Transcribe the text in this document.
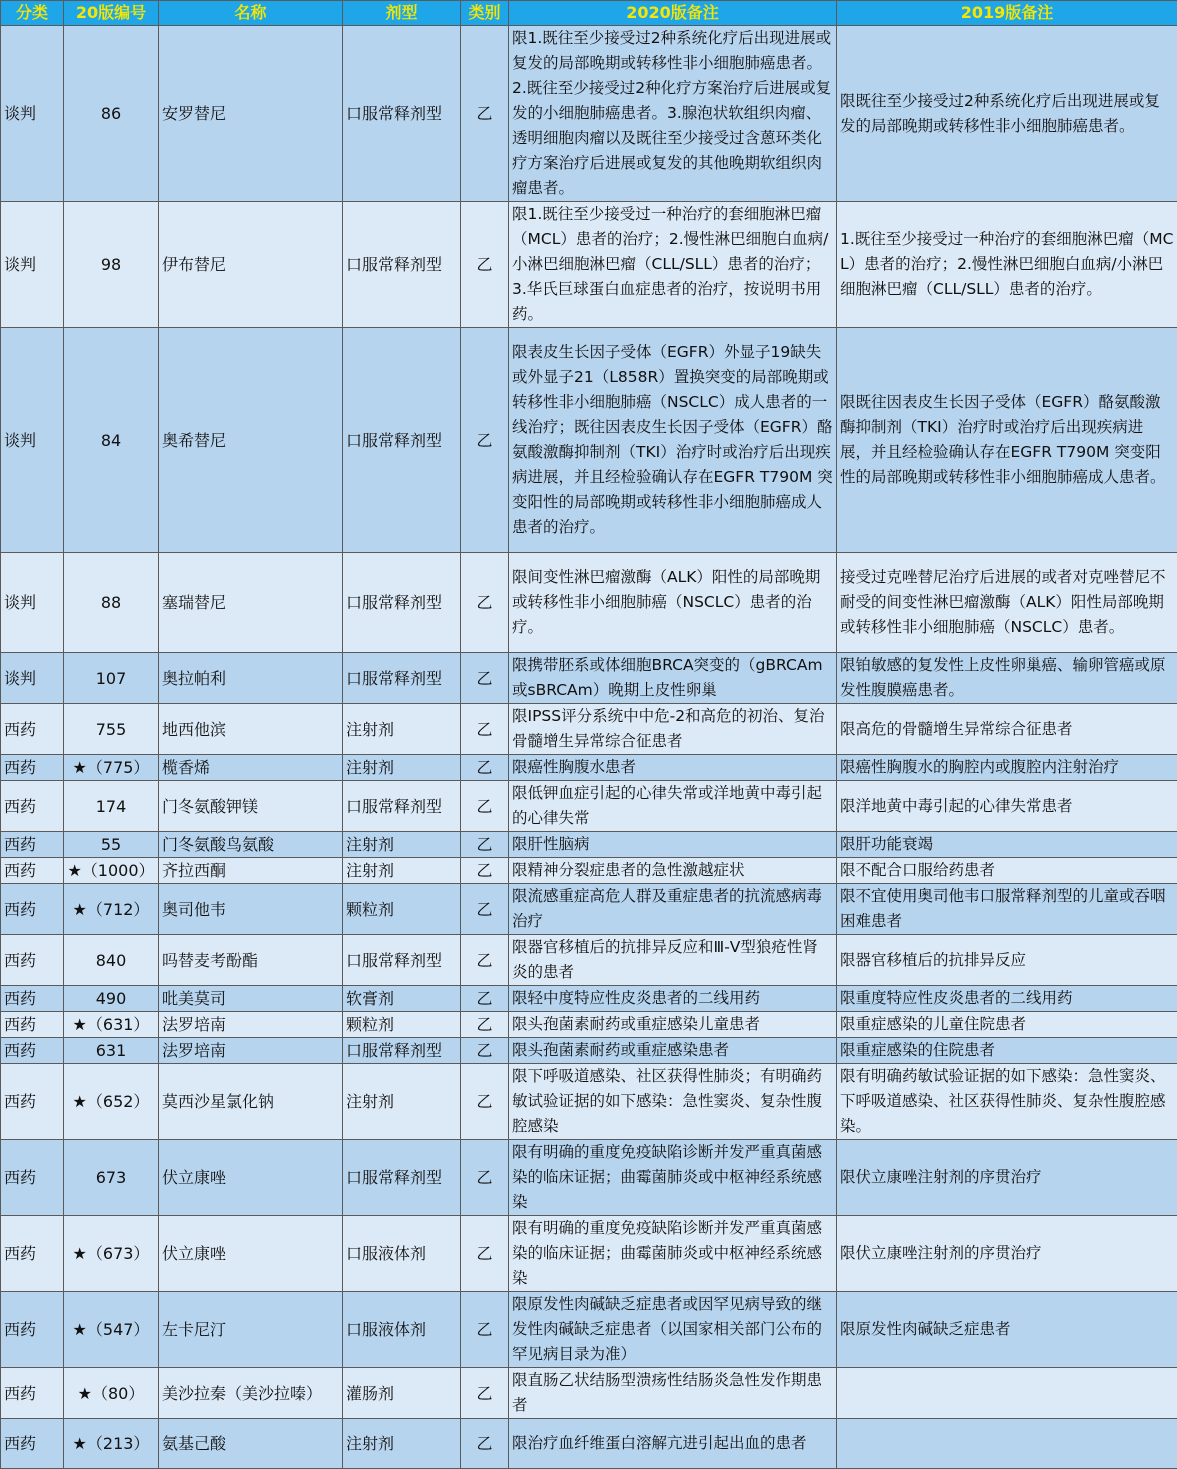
分类	20版编号	名称	剂型	类别	2020版备注	2019版备注
谈判	86	安罗替尼	口服常释剂型	乙	限1.既往至少接受过2种系统化疗后出现进展或复发的局部晚期或转移性非小细胞肺癌患者。2.既往至少接受过2种化疗方案治疗后进展或复发的小细胞肺癌患者。3.腺泡状软组织肉瘤、透明细胞肉瘤以及既往至少接受过含蒽环类化疗方案治疗后进展或复发的其他晚期软组织肉瘤患者。	限既往至少接受过2种系统化疗后出现进展或复发的局部晚期或转移性非小细胞肺癌患者。
谈判	98	伊布替尼	口服常释剂型	乙	限1.既往至少接受过一种治疗的套细胞淋巴瘤（MCL）患者的治疗；2.慢性淋巴细胞白血病/小淋巴细胞淋巴瘤（CLL/SLL）患者的治疗；3.华氏巨球蛋白血症患者的治疗，按说明书用药。	1.既往至少接受过一种治疗的套细胞淋巴瘤（MCL）患者的治疗；2.慢性淋巴细胞白血病/小淋巴细胞淋巴瘤（CLL/SLL）患者的治疗。
谈判	84	奥希替尼	口服常释剂型	乙	限表皮生长因子受体（EGFR）外显子19缺失或外显子21（L858R）置换突变的局部晚期或转移性非小细胞肺癌（NSCLC）成人患者的一线治疗；既往因表皮生长因子受体（EGFR）酪氨酸激酶抑制剂（TKI）治疗时或治疗后出现疾病进展，并且经检验确认存在EGFR T790M 突变阳性的局部晚期或转移性非小细胞肺癌成人患者的治疗。	限既往因表皮生长因子受体（EGFR）酪氨酸激酶抑制剂（TKI）治疗时或治疗后出现疾病进展，并且经检验确认存在EGFR T790M 突变阳性的局部晚期或转移性非小细胞肺癌成人患者。
谈判	88	塞瑞替尼	口服常释剂型	乙	限间变性淋巴瘤激酶（ALK）阳性的局部晚期或转移性非小细胞肺癌（NSCLC）患者的治疗。	接受过克唑替尼治疗后进展的或者对克唑替尼不耐受的间变性淋巴瘤激酶（ALK）阳性局部晚期或转移性非小细胞肺癌（NSCLC）患者。
谈判	107	奥拉帕利	口服常释剂型	乙	限携带胚系或体细胞BRCA突变的（gBRCAm或sBRCAm）晚期上皮性卵巢	限铂敏感的复发性上皮性卵巢癌、输卵管癌或原发性腹膜癌患者。
西药	755	地西他滨	注射剂	乙	限IPSS评分系统中中危-2和高危的初治、复治骨髓增生异常综合征患者	限高危的骨髓增生异常综合征患者
西药	★（775）	榄香烯	注射剂	乙	限癌性胸腹水患者	限癌性胸腹水的胸腔内或腹腔内注射治疗
西药	174	门冬氨酸钾镁	口服常释剂型	乙	限低钾血症引起的心律失常或洋地黄中毒引起的心律失常	限洋地黄中毒引起的心律失常患者
西药	55	门冬氨酸鸟氨酸	注射剂	乙	限肝性脑病	限肝功能衰竭
西药	★（1000）	齐拉西酮	注射剂	乙	限精神分裂症患者的急性激越症状	限不配合口服给药患者
西药	★（712）	奥司他韦	颗粒剂	乙	限流感重症高危人群及重症患者的抗流感病毒治疗	限不宜使用奥司他韦口服常释剂型的儿童或吞咽困难患者
西药	840	吗替麦考酚酯	口服常释剂型	乙	限器官移植后的抗排异反应和Ⅲ-Ⅴ型狼疮性肾炎的患者	限器官移植后的抗排异反应
西药	490	吡美莫司	软膏剂	乙	限轻中度特应性皮炎患者的二线用药	限重度特应性皮炎患者的二线用药
西药	★（631）	法罗培南	颗粒剂	乙	限头孢菌素耐药或重症感染儿童患者	限重症感染的儿童住院患者
西药	631	法罗培南	口服常释剂型	乙	限头孢菌素耐药或重症感染患者	限重症感染的住院患者
西药	★（652）	莫西沙星氯化钠	注射剂	乙	限下呼吸道感染、社区获得性肺炎；有明确药敏试验证据的如下感染：急性窦炎、复杂性腹腔感染	限有明确药敏试验证据的如下感染：急性窦炎、下呼吸道感染、社区获得性肺炎、复杂性腹腔感染。
西药	673	伏立康唑	口服常释剂型	乙	限有明确的重度免疫缺陷诊断并发严重真菌感染的临床证据；曲霉菌肺炎或中枢神经系统感染	限伏立康唑注射剂的序贯治疗
西药	★（673）	伏立康唑	口服液体剂	乙	限有明确的重度免疫缺陷诊断并发严重真菌感染的临床证据；曲霉菌肺炎或中枢神经系统感染	限伏立康唑注射剂的序贯治疗
西药	★（547）	左卡尼汀	口服液体剂	乙	限原发性肉碱缺乏症患者或因罕见病导致的继发性肉碱缺乏症患者（以国家相关部门公布的罕见病目录为准）	限原发性肉碱缺乏症患者
西药	★（80）	美沙拉秦（美沙拉嗪）	灌肠剂	乙	限直肠乙状结肠型溃疡性结肠炎急性发作期患者	
西药	★（213）	氨基己酸	注射剂	乙	限治疗血纤维蛋白溶解亢进引起出血的患者	
